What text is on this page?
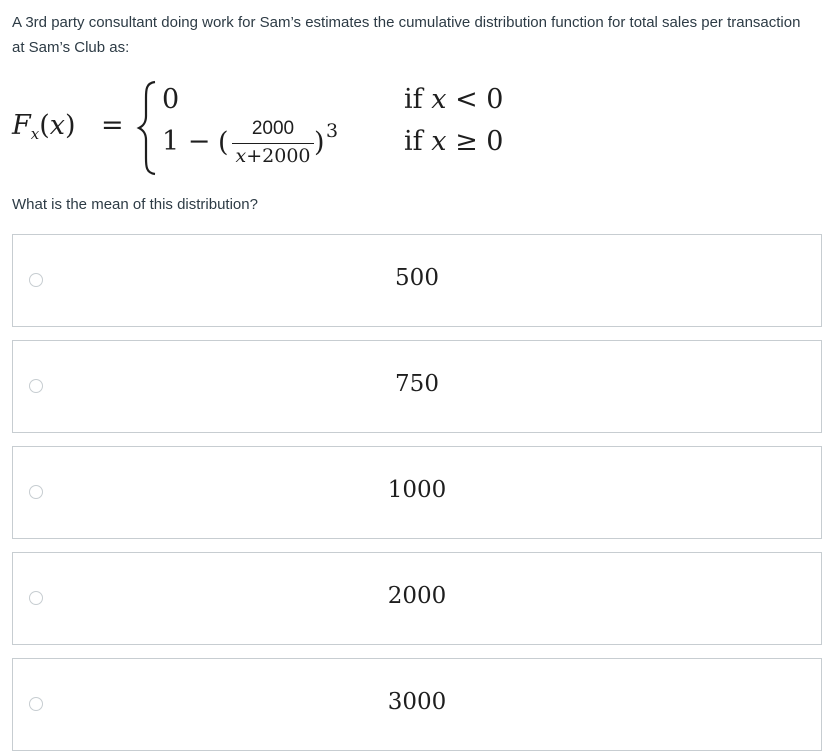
A 3rd party consultant doing work for Sam’s estimates the cumulative distribution function for total sales per transaction at Sam’s Club as:

$F_x(x)$ =
0
1 − ( $\frac{2000}{x+2000}$ ) 3
if x < 0
if x ≥ 0

What is the mean of this distribution?

500
750
1000
2000
3000
